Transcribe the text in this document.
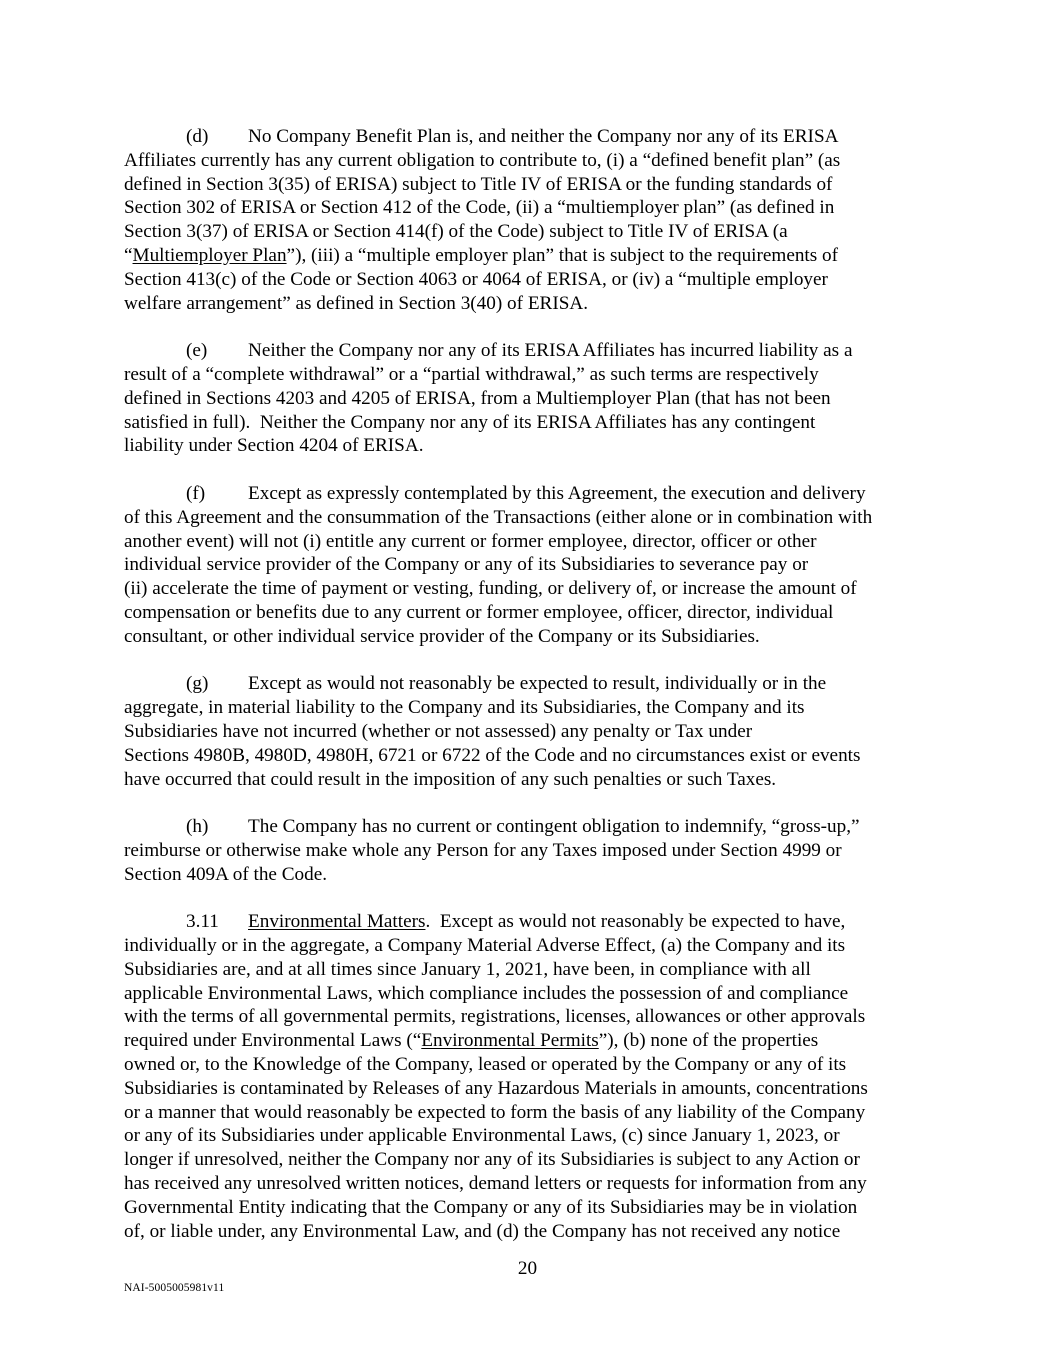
(d) No Company Benefit Plan is, and neither the Company nor any of its ERISA
Affiliates currently has any current obligation to contribute to, (i) a “defined benefit plan” (as
defined in Section 3(35) of ERISA) subject to Title IV of ERISA or the funding standards of
Section 302 of ERISA or Section 412 of the Code, (ii) a “multiemployer plan” (as defined in
Section 3(37) of ERISA or Section 414(f) of the Code) subject to Title IV of ERISA (a
“Multiemployer Plan”), (iii) a “multiple employer plan” that is subject to the requirements of
Section 413(c) of the Code or Section 4063 or 4064 of ERISA, or (iv) a “multiple employer
welfare arrangement” as defined in Section 3(40) of ERISA.
(e) Neither the Company nor any of its ERISA Affiliates has incurred liability as a
result of a “complete withdrawal” or a “partial withdrawal,” as such terms are respectively
defined in Sections 4203 and 4205 of ERISA, from a Multiemployer Plan (that has not been
satisfied in full).  Neither the Company nor any of its ERISA Affiliates has any contingent
liability under Section 4204 of ERISA.
(f) Except as expressly contemplated by this Agreement, the execution and delivery
of this Agreement and the consummation of the Transactions (either alone or in combination with
another event) will not (i) entitle any current or former employee, director, officer or other
individual service provider of the Company or any of its Subsidiaries to severance pay or
(ii) accelerate the time of payment or vesting, funding, or delivery of, or increase the amount of
compensation or benefits due to any current or former employee, officer, director, individual
consultant, or other individual service provider of the Company or its Subsidiaries.
(g) Except as would not reasonably be expected to result, individually or in the
aggregate, in material liability to the Company and its Subsidiaries, the Company and its
Subsidiaries have not incurred (whether or not assessed) any penalty or Tax under
Sections 4980B, 4980D, 4980H, 6721 or 6722 of the Code and no circumstances exist or events
have occurred that could result in the imposition of any such penalties or such Taxes.
(h) The Company has no current or contingent obligation to indemnify, “gross-up,”
reimburse or otherwise make whole any Person for any Taxes imposed under Section 4999 or
Section 409A of the Code.
3.11 Environmental Matters.  Except as would not reasonably be expected to have,
individually or in the aggregate, a Company Material Adverse Effect, (a) the Company and its
Subsidiaries are, and at all times since January 1, 2021, have been, in compliance with all
applicable Environmental Laws, which compliance includes the possession of and compliance
with the terms of all governmental permits, registrations, licenses, allowances or other approvals
required under Environmental Laws (“Environmental Permits”), (b) none of the properties
owned or, to the Knowledge of the Company, leased or operated by the Company or any of its
Subsidiaries is contaminated by Releases of any Hazardous Materials in amounts, concentrations
or a manner that would reasonably be expected to form the basis of any liability of the Company
or any of its Subsidiaries under applicable Environmental Laws, (c) since January 1, 2023, or
longer if unresolved, neither the Company nor any of its Subsidiaries is subject to any Action or
has received any unresolved written notices, demand letters or requests for information from any
Governmental Entity indicating that the Company or any of its Subsidiaries may be in violation
of, or liable under, any Environmental Law, and (d) the Company has not received any notice
20
NAI-5005005981v11
